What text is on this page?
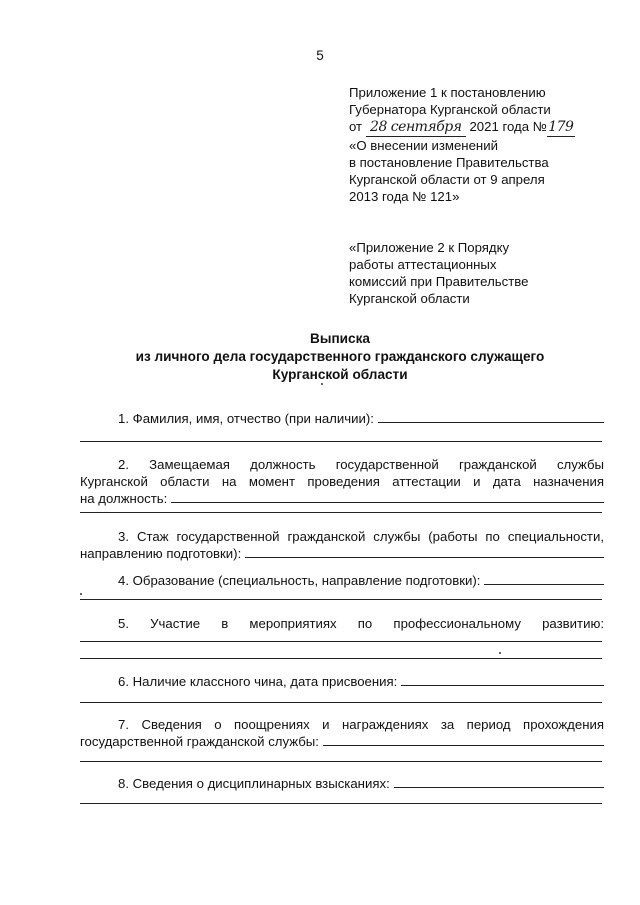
5
Приложение 1 к постановлению
Губернатора Курганской области
от 28 сентября 2021 года №179
«О внесении изменений
в постановление Правительства
Курганской области от 9 апреля
2013 года № 121»
«Приложение 2 к Порядку
работы аттестационных
комиссий при Правительстве
Курганской области
Выписка
из личного дела государственного гражданского служащего
Курганской области
1. Фамилия, имя, отчество (при наличии):
2. Замещаемая должность государственной гражданской службы
Курганской области на момент проведения аттестации и дата назначения
на должность:
3. Стаж государственной гражданской службы (работы по специальности,
направлению подготовки):
4. Образование (специальность, направление подготовки):
5. Участие в мероприятиях по профессиональному развитию:
6. Наличие классного чина, дата присвоения:
7. Сведения о поощрениях и награждениях за период прохождения
государственной гражданской службы:
8. Сведения о дисциплинарных взысканиях:
